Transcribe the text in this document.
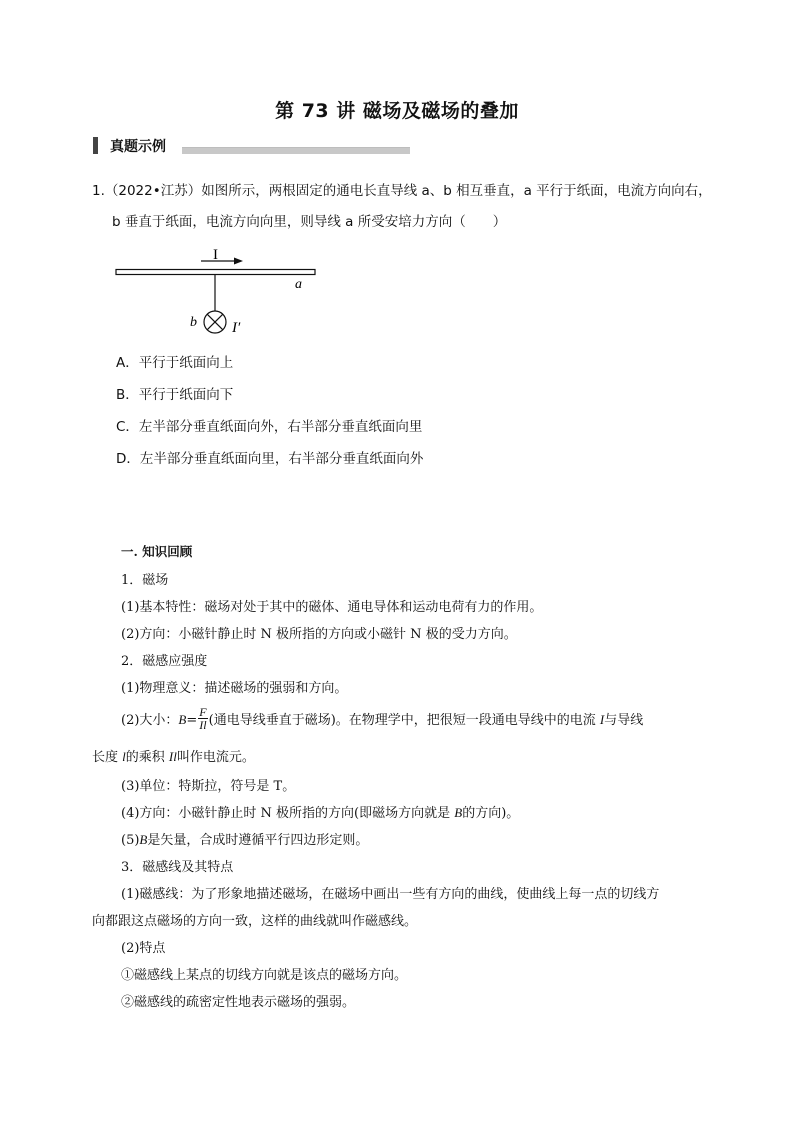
第 73 讲 磁场及磁场的叠加
真题示例
1.（2022•江苏）如图所示，两根固定的通电长直导线 a、b 相互垂直，a 平行于纸面，电流方向向右，
b 垂直于纸面，电流方向向里，则导线 a 所受安培力方向（　　）
I
a
b I′
A．平行于纸面向上
B．平行于纸面向下
C．左半部分垂直纸面向外，右半部分垂直纸面向里
D．左半部分垂直纸面向里，右半部分垂直纸面向外
一. 知识回顾
1．磁场
(1)基本特性：磁场对处于其中的磁体、通电导体和运动电荷有力的作用。
(2)方向：小磁针静止时 N 极所指的方向或小磁针 N 极的受力方向。
2．磁感应强度
(1)物理意义：描述磁场的强弱和方向。
(2)大小：$B= \frac{F}{Il}$ (通电导线垂直于磁场)。在物理学中，把很短一段通电导线中的电流 I与导线
长度 l的乘积 Il叫作电流元。
(3)单位：特斯拉，符号是 T。
(4)方向：小磁针静止时 N 极所指的方向(即磁场方向就是 B的方向)。
(5)B是矢量，合成时遵循平行四边形定则。
3．磁感线及其特点
(1)磁感线：为了形象地描述磁场，在磁场中画出一些有方向的曲线，使曲线上每一点的切线方
向都跟这点磁场的方向一致，这样的曲线就叫作磁感线。
(2)特点
①磁感线上某点的切线方向就是该点的磁场方向。
②磁感线的疏密定性地表示磁场的强弱。
